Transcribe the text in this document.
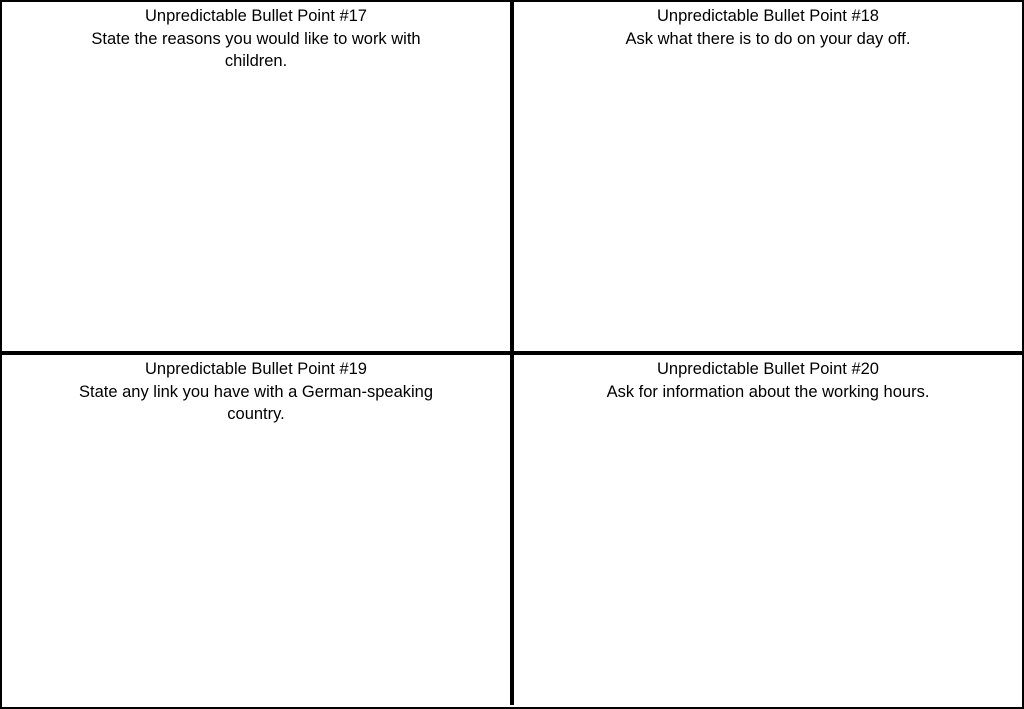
Unpredictable Bullet Point #17
State the reasons you would like to work with children.
Unpredictable Bullet Point #18
Ask what there is to do on your day off.
Unpredictable Bullet Point #19
State any link you have with a German-speaking country.
Unpredictable Bullet Point #20
Ask for information about the working hours.
